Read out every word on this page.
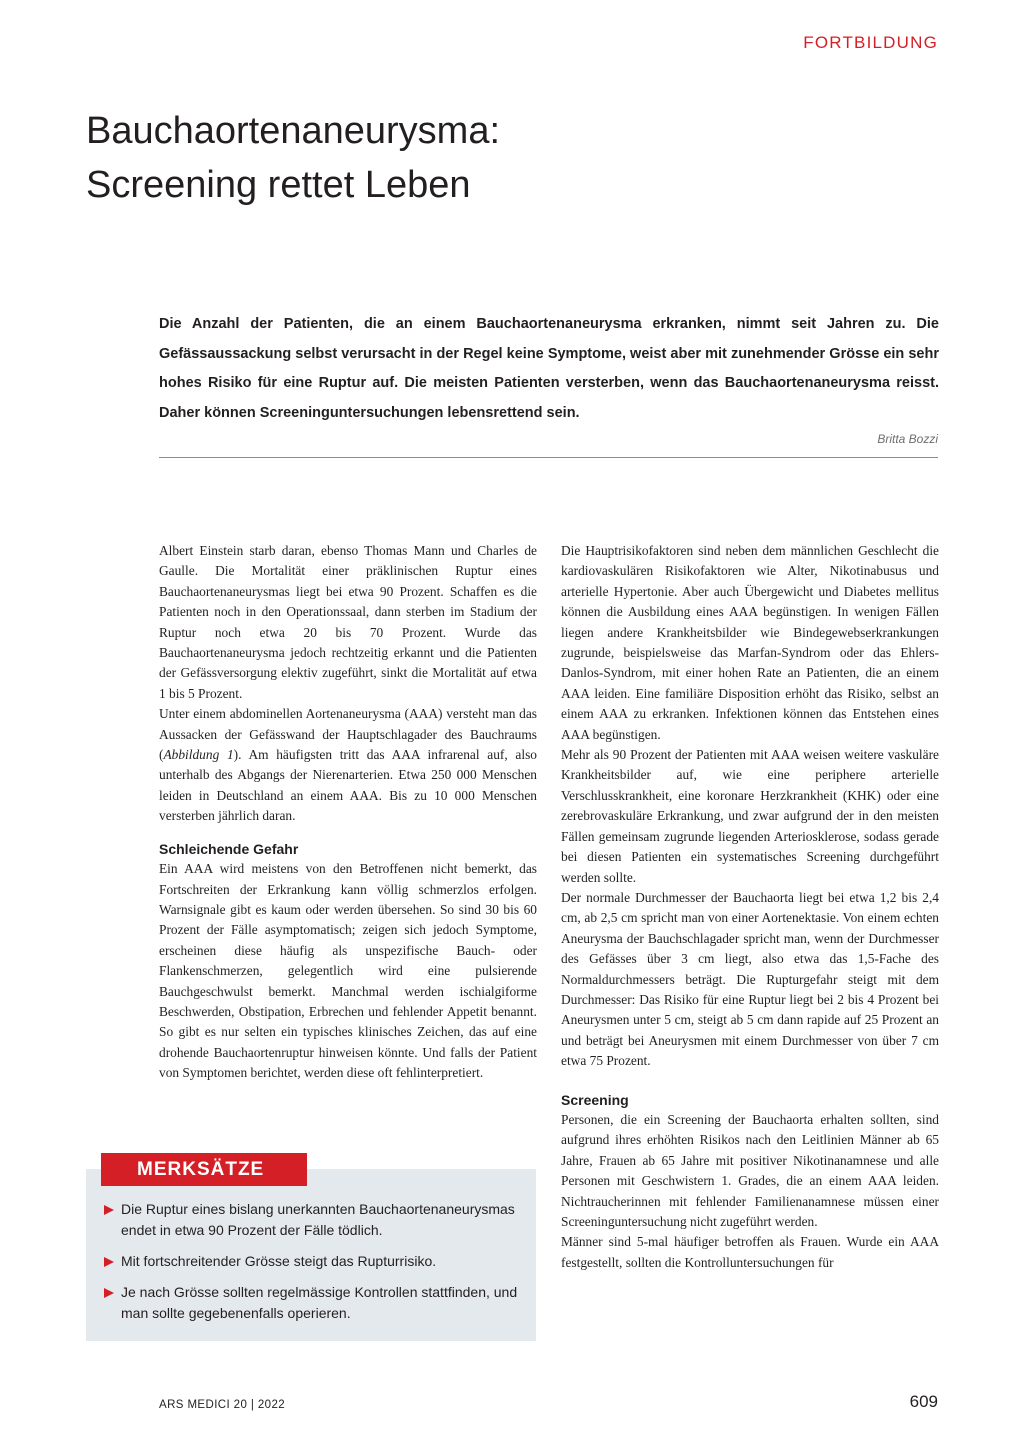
FORTBILDUNG
Bauchaortenaneurysma:
Screening rettet Leben

Die Anzahl der Patienten, die an einem Bauchaortenaneurysma erkranken, nimmt seit Jahren zu. Die Gefässaussackung selbst verursacht in der Regel keine Symptome, weist aber mit zunehmender Grösse ein sehr hohes Risiko für eine Ruptur auf. Die meisten Patienten versterben, wenn das Bauchaortenaneurysma reisst. Daher können Screeninguntersuchungen lebensrettend sein.

Britta Bozzi

Albert Einstein starb daran, ebenso Thomas Mann und Charles de Gaulle. Die Mortalität einer präklinischen Ruptur eines Bauchaortenaneurysmas liegt bei etwa 90 Prozent. Schaffen es die Patienten noch in den Operationssaal, dann sterben im Stadium der Ruptur noch etwa 20 bis 70 Prozent. Wurde das Bauchaortenaneurysma jedoch rechtzeitig erkannt und die Patienten der Gefässversorgung elektiv zugeführt, sinkt die Mortalität auf etwa 1 bis 5 Prozent.

Unter einem abdominellen Aortenaneurysma (AAA) versteht man das Aussacken der Gefässwand der Hauptschlagader des Bauchraums (Abbildung 1). Am häufigsten tritt das AAA infrarenal auf, also unterhalb des Abgangs der Nierenarterien. Etwa 250 000 Menschen leiden in Deutschland an einem AAA. Bis zu 10 000 Menschen versterben jährlich daran.

Schleichende Gefahr

Ein AAA wird meistens von den Betroffenen nicht bemerkt, das Fortschreiten der Erkrankung kann völlig schmerzlos erfolgen. Warnsignale gibt es kaum oder werden übersehen. So sind 30 bis 60 Prozent der Fälle asymptomatisch; zeigen sich jedoch Symptome, erscheinen diese häufig als unspezifische Bauch- oder Flankenschmerzen, gelegentlich wird eine pulsierende Bauchgeschwulst bemerkt. Manchmal werden ischialgiforme Beschwerden, Obstipation, Erbrechen und fehlender Appetit benannt. So gibt es nur selten ein typisches klinisches Zeichen, das auf eine drohende Bauchaortenruptur hinweisen könnte. Und falls der Patient von Symptomen berichtet, werden diese oft fehlinterpretiert.

Die Hauptrisikofaktoren sind neben dem männlichen Geschlecht die kardiovaskulären Risikofaktoren wie Alter, Nikotinabusus und arterielle Hypertonie. Aber auch Übergewicht und Diabetes mellitus können die Ausbildung eines AAA begünstigen. In wenigen Fällen liegen andere Krankheitsbilder wie Bindegewebserkrankungen zugrunde, beispielsweise das Marfan-Syndrom oder das Ehlers-Danlos-Syndrom, mit einer hohen Rate an Patienten, die an einem AAA leiden. Eine familiäre Disposition erhöht das Risiko, selbst an einem AAA zu erkranken. Infektionen können das Entstehen eines AAA begünstigen.

Mehr als 90 Prozent der Patienten mit AAA weisen weitere vaskuläre Krankheitsbilder auf, wie eine periphere arterielle Verschlusskrankheit, eine koronare Herzkrankheit (KHK) oder eine zerebrovaskuläre Erkrankung, und zwar aufgrund der in den meisten Fällen gemeinsam zugrunde liegenden Arteriosklerose, sodass gerade bei diesen Patienten ein systematisches Screening durchgeführt werden sollte.

Der normale Durchmesser der Bauchaorta liegt bei etwa 1,2 bis 2,4 cm, ab 2,5 cm spricht man von einer Aortenektasie. Von einem echten Aneurysma der Bauchschlagader spricht man, wenn der Durchmesser des Gefässes über 3 cm liegt, also etwa das 1,5-Fache des Normaldurchmessers beträgt. Die Rupturgefahr steigt mit dem Durchmesser: Das Risiko für eine Ruptur liegt bei 2 bis 4 Prozent bei Aneurysmen unter 5 cm, steigt ab 5 cm dann rapide auf 25 Prozent an und beträgt bei Aneurysmen mit einem Durchmesser von über 7 cm etwa 75 Prozent.

Screening

Personen, die ein Screening der Bauchaorta erhalten sollten, sind aufgrund ihres erhöhten Risikos nach den Leitlinien Männer ab 65 Jahre, Frauen ab 65 Jahre mit positiver Nikotinanamnese und alle Personen mit Geschwistern 1. Grades, die an einem AAA leiden. Nichtraucherinnen mit fehlender Familienanamnese müssen einer Screeninguntersuchung nicht zugeführt werden.

Männer sind 5-mal häufiger betroffen als Frauen. Wurde ein AAA festgestellt, sollten die Kontrolluntersuchungen für

MERKSÄTZE
Die Ruptur eines bislang unerkannten Bauchaortenaneurysmas endet in etwa 90 Prozent der Fälle tödlich.
Mit fortschreitender Grösse steigt das Rupturrisiko.
Je nach Grösse sollten regelmässige Kontrollen stattfinden, und man sollte gegebenenfalls operieren.
ARS MEDICI 20 | 2022	609
